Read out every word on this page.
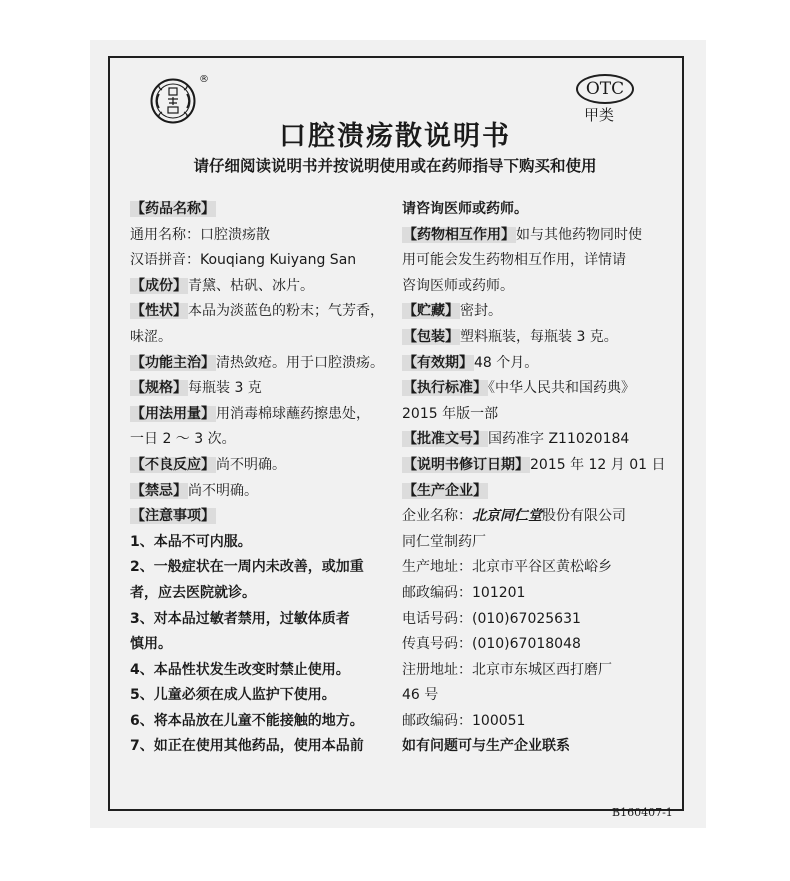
®	OTC
甲类
口腔溃疡散说明书
请仔细阅读说明书并按说明使用或在药师指导下购买和使用
【药品名称】
通用名称：口腔溃疡散
汉语拼音：Kouqiang Kuiyang San
【成份】青黛、枯矾、冰片。
【性状】本品为淡蓝色的粉末；气芳香，
味涩。
【功能主治】清热敛疮。用于口腔溃疡。
【规格】每瓶装 3 克
【用法用量】用消毒棉球蘸药擦患处，
一日 2 ～ 3 次。
【不良反应】尚不明确。
【禁忌】尚不明确。
【注意事项】
1、本品不可内服。
2、一般症状在一周内未改善，或加重
者，应去医院就诊。
3、对本品过敏者禁用，过敏体质者
慎用。
4、本品性状发生改变时禁止使用。
5、儿童必须在成人监护下使用。
6、将本品放在儿童不能接触的地方。
7、如正在使用其他药品，使用本品前
请咨询医师或药师。
【药物相互作用】如与其他药物同时使
用可能会发生药物相互作用，详情请
咨询医师或药师。
【贮藏】密封。
【包装】塑料瓶装，每瓶装 3 克。
【有效期】48 个月。
【执行标准】《中华人民共和国药典》
2015 年版一部
【批准文号】国药准字 Z11020184
【说明书修订日期】2015 年 12 月 01 日
【生产企业】
企业名称：北京同仁堂股份有限公司
同仁堂制药厂
生产地址：北京市平谷区黄松峪乡
邮政编码：101201
电话号码：(010)67025631
传真号码：(010)67018048
注册地址：北京市东城区西打磨厂
46 号
邮政编码：100051
如有问题可与生产企业联系
B160407-1
